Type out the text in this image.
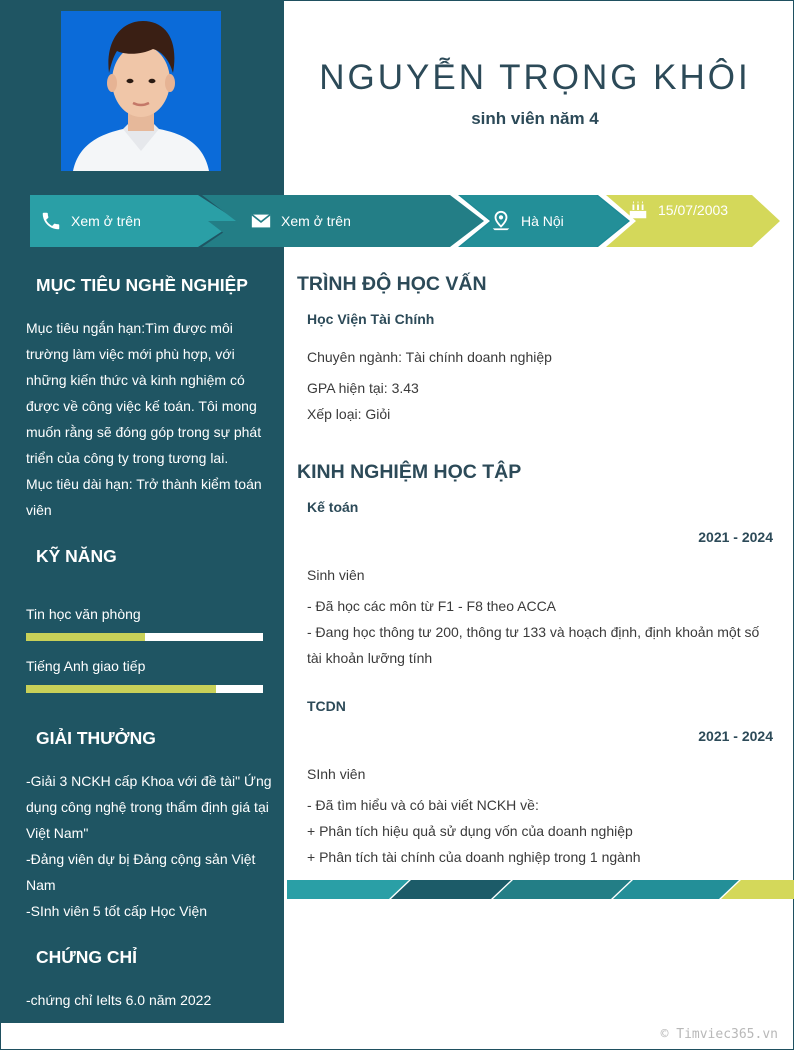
NGUYỄN TRỌNG KHÔI
sinh viên năm 4
Xem ở trên	Xem ở trên	Hà Nội
15/07/2003
MỤC TIÊU NGHỀ NGHIỆP
Mục tiêu ngắn hạn:Tìm được môi trường làm việc mới phù hợp, với những kiến thức và kinh nghiệm có được về công việc kế toán. Tôi mong muốn rằng sẽ đóng góp trong sự phát triển của công ty trong tương lai.
Mục tiêu dài hạn: Trở thành kiểm toán viên
KỸ NĂNG
Tin học văn phòng
Tiếng Anh giao tiếp
GIẢI THƯỞNG
-Giải 3 NCKH cấp Khoa với đề tài" Ứng dụng công nghệ trong thẩm định giá tại Việt Nam"
-Đảng viên dự bị Đảng cộng sản Việt Nam
-SInh viên 5 tốt cấp Học Viện
CHỨNG CHỈ
-chứng chỉ Ielts 6.0 năm 2022
TRÌNH ĐỘ HỌC VẤN
Học Viện Tài Chính
Chuyên ngành: Tài chính doanh nghiệp
GPA hiện tại: 3.43
Xếp loại: Giỏi
KINH NGHIỆM HỌC TẬP
Kế toán
2021 - 2024
Sinh viên
- Đã học các môn từ F1 - F8 theo ACCA
- Đang học thông tư 200, thông tư 133 và hoạch định, định khoản một số tài khoản lưỡng tính
TCDN
2021 - 2024
SInh viên
- Đã tìm hiểu và có bài viết NCKH về:
+ Phân tích hiệu quả sử dụng vốn của doanh nghiệp
+ Phân tích tài chính của doanh nghiệp trong 1 ngành
© Timviec365.vn
